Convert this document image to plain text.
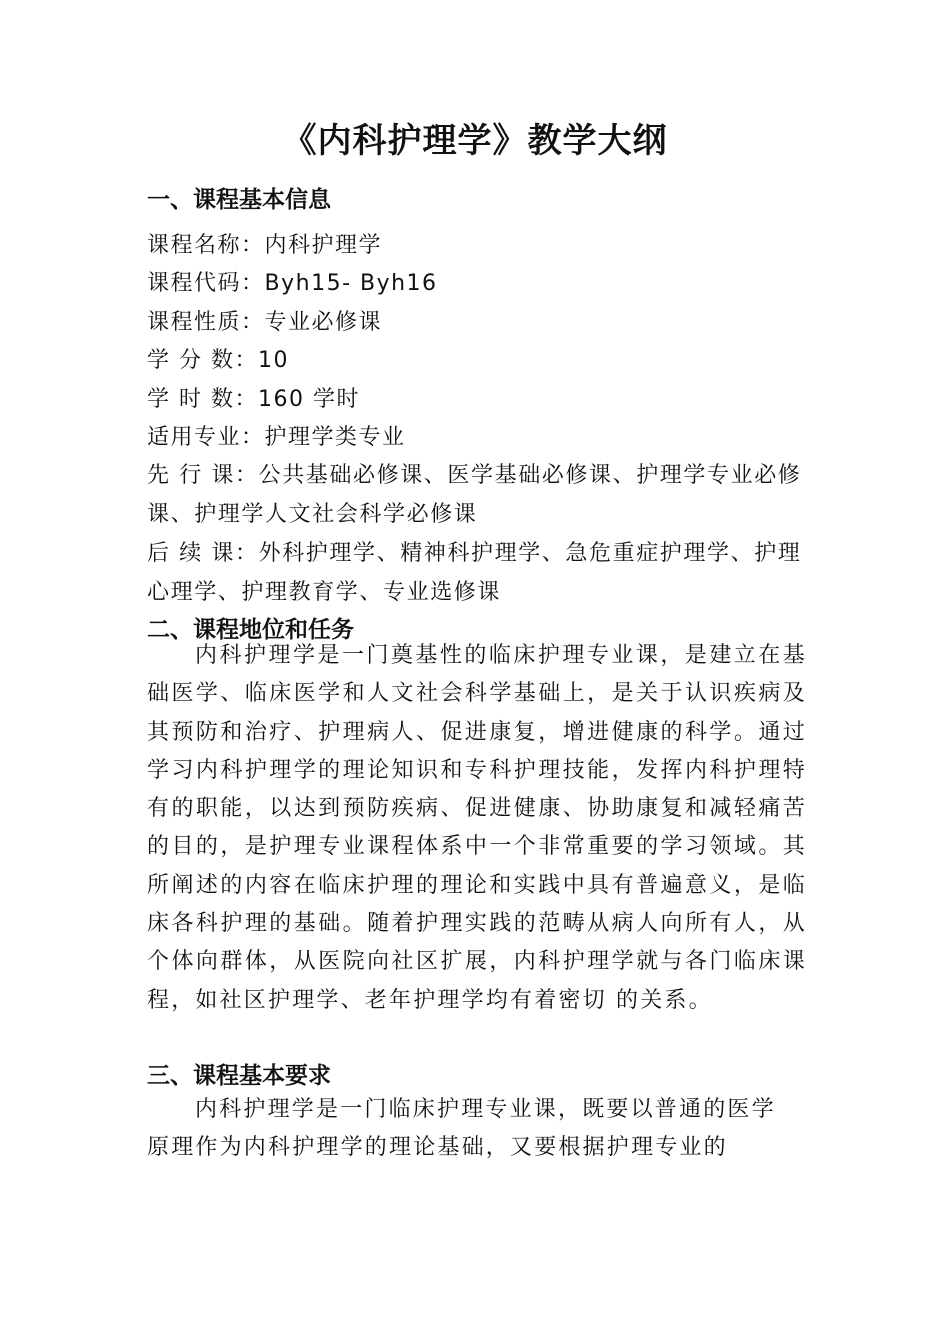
《内科护理学》教学大纲
一、课程基本信息
课程名称：内科护理学
课程代码：Byh15- Byh16
课程性质：专业必修课
学 分 数：10
学 时 数：160 学时
适用专业：护理学类专业
先 行 课：公共基础必修课、医学基础必修课、护理学专业必修课、护理学人文社会科学必修课
后 续 课：外科护理学、精神科护理学、急危重症护理学、护理心理学、护理教育学、专业选修课
二、课程地位和任务
内科护理学是一门奠基性的临床护理专业课，是建立在基础医学、临床医学和人文社会科学基础上，是关于认识疾病及其预防和治疗、护理病人、促进康复，增进健康的科学。通过学习内科护理学的理论知识和专科护理技能，发挥内科护理特有的职能，以达到预防疾病、促进健康、协助康复和减轻痛苦的目的，是护理专业课程体系中一个非常重要的学习领域。其所阐述的内容在临床护理的理论和实践中具有普遍意义，是临床各科护理的基础。随着护理实践的范畴从病人向所有人，从个体向群体，从医院向社区扩展，内科护理学就与各门临床课程，如社区护理学、老年护理学均有着密切 的关系。
三、课程基本要求
内科护理学是一门临床护理专业课，既要以普通的医学原理作为内科护理学的理论基础，又要根据护理专业的
